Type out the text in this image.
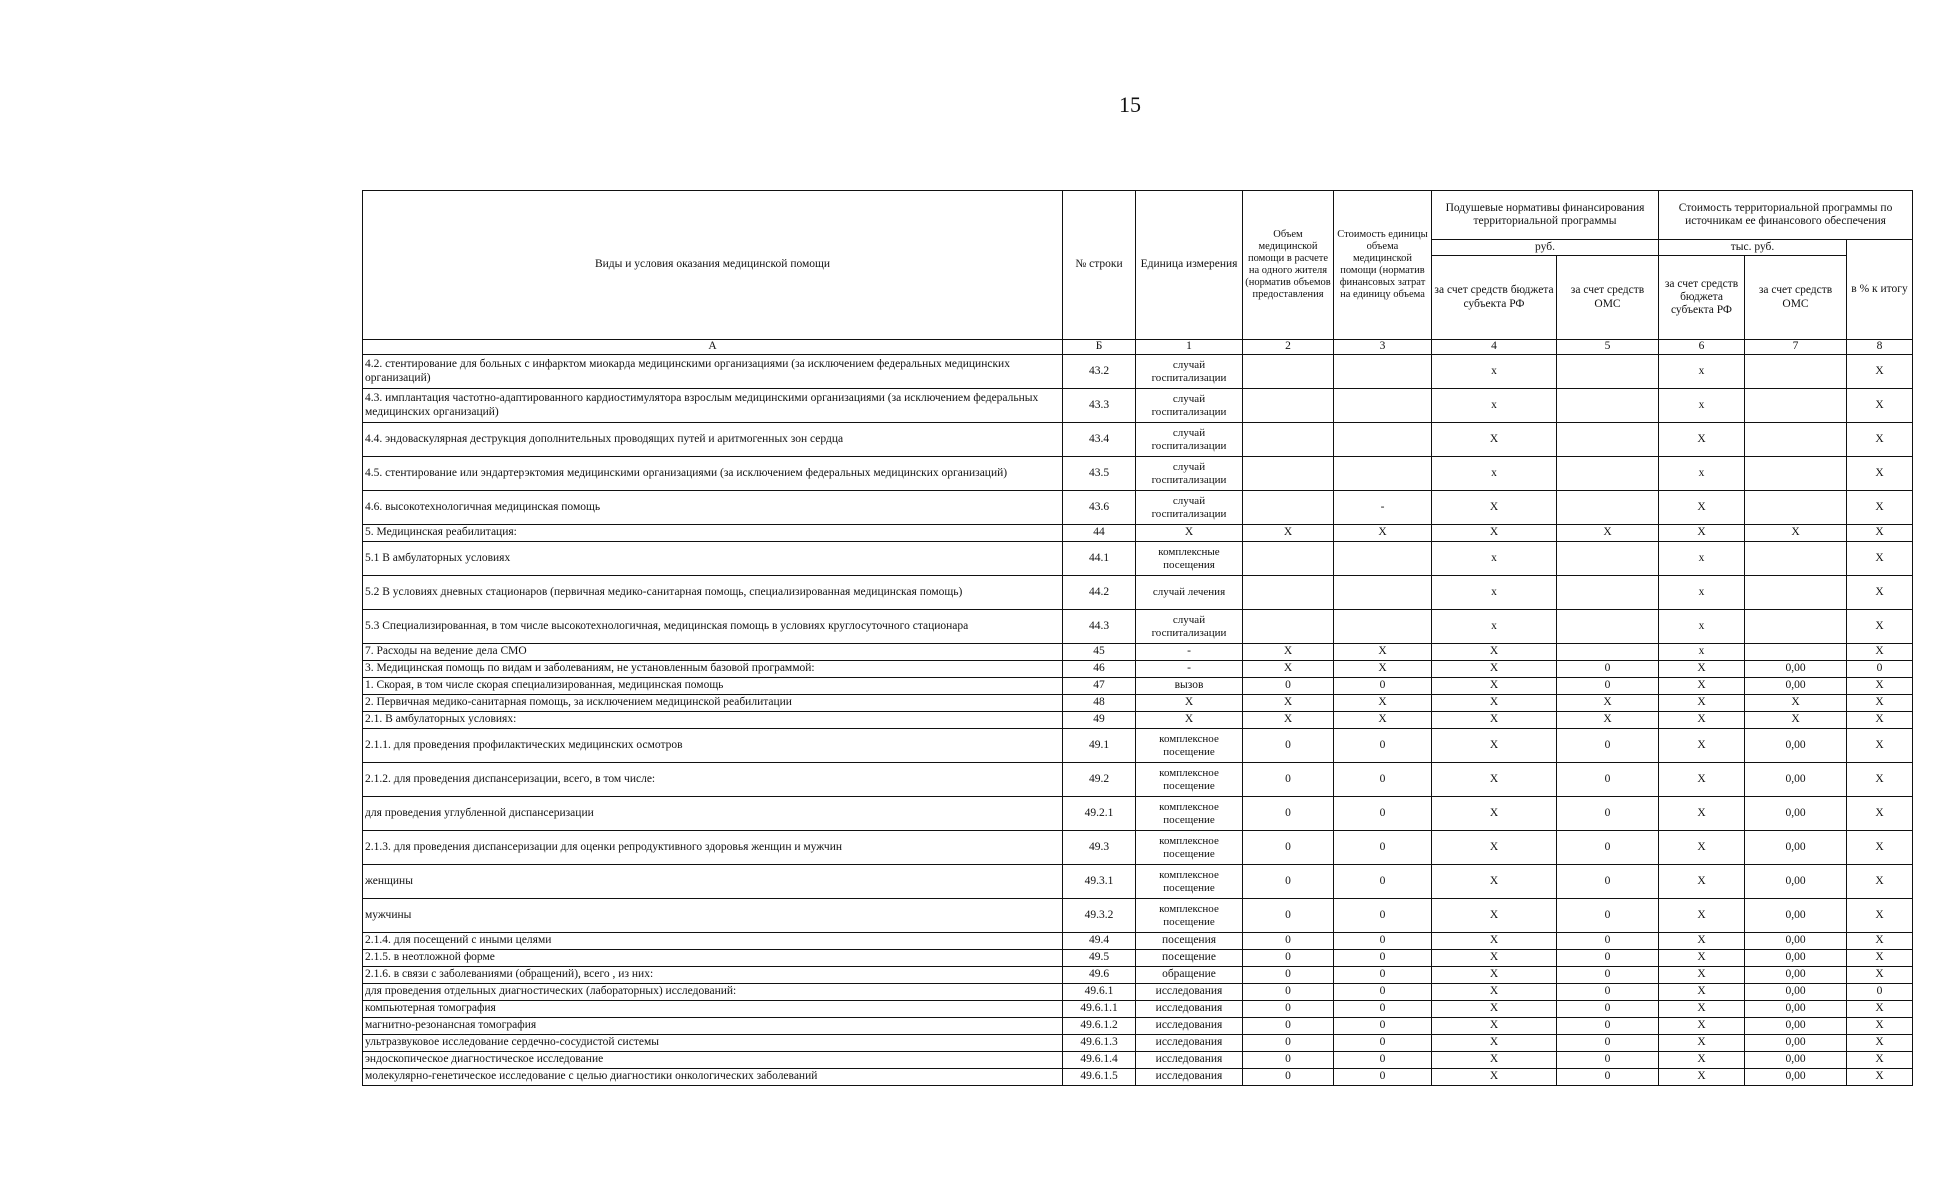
15
Виды и условия оказания медицинской помощи	№ строки	Единица измерения	Объем медицинской помощи в расчете на одного жителя (норматив объемов предоставления	Стоимость единицы объема медицинской помощи (норматив финансовых затрат на единицу объема	Подушевые нормативы финансирования территориальной программы		Стоимость территориальной программы по источникам ее финансового обеспечения		
					руб.		тыс. руб.		в % к итогу
					за счет средств бюджета субъекта РФ	за счет средств ОМС	за счет средств бюджета субъекта РФ	за счет средств ОМС	
А	Б	1	2	3	4	5	6	7	8
4.2. стентирование для больных с инфарктом миокарда медицинскими организациями (за исключением федеральных медицинских организаций)	43.2	случай госпитализации			x		x		X
4.3. имплантация частотно-адаптированного кардиостимулятора взрослым медицинскими организациями (за исключением федеральных медицинских организаций)	43.3	случай госпитализации			x		x		X
4.4. эндоваскулярная деструкция дополнительных проводящих путей и аритмогенных зон сердца	43.4	случай госпитализации			X		X		X
4.5. стентирование или эндартерэктомия медицинскими организациями (за исключением федеральных медицинских организаций)	43.5	случай госпитализации			x		x		X
4.6. высокотехнологичная медицинская помощь	43.6	случай госпитализации		-	X		X		X
5. Медицинская реабилитация:	44	X	X	X	X	X	X	X	X
5.1 В амбулаторных условиях	44.1	комплексные посещения			x		x		X
5.2 В условиях дневных стационаров (первичная медико-санитарная помощь, специализированная медицинская помощь)	44.2	случай лечения			x		x		X
5.3 Специализированная, в том числе высокотехнологичная, медицинская помощь в условиях круглосуточного стационара	44.3	случай госпитализации			x		x		X
7. Расходы на ведение дела СМО	45	-	X	X	X		x		X
3. Медицинская помощь по видам и заболеваниям, не установленным базовой программой:	46	-	X	X	X	0	X	0,00	0
1. Скорая, в том числе скорая специализированная, медицинская помощь	47	вызов	0	0	X	0	X	0,00	X
2. Первичная медико-санитарная помощь, за исключением медицинской реабилитации	48	X	X	X	X	X	X	X	X
2.1. В амбулаторных условиях:	49	X	X	X	X	X	X	X	X
2.1.1. для проведения профилактических медицинских осмотров	49.1	комплексное посещение	0	0	X	0	X	0,00	X
2.1.2. для проведения диспансеризации, всего, в том числе:	49.2	комплексное посещение	0	0	X	0	X	0,00	X
для проведения углубленной диспансеризации	49.2.1	комплексное посещение	0	0	X	0	X	0,00	X
2.1.3. для проведения диспансеризации для оценки репродуктивного здоровья женщин и мужчин	49.3	комплексное посещение	0	0	X	0	X	0,00	X
женщины	49.3.1	комплексное посещение	0	0	X	0	X	0,00	X
мужчины	49.3.2	комплексное посещение	0	0	X	0	X	0,00	X
2.1.4. для посещений с иными целями	49.4	посещения	0	0	X	0	X	0,00	X
2.1.5. в неотложной форме	49.5	посещение	0	0	X	0	X	0,00	X
2.1.6. в связи с заболеваниями (обращений), всего , из них:	49.6	обращение	0	0	X	0	X	0,00	X
для проведения отдельных диагностических (лабораторных) исследований:	49.6.1	исследования	0	0	X	0	X	0,00	0
компьютерная томография	49.6.1.1	исследования	0	0	X	0	X	0,00	X
магнитно-резонансная томография	49.6.1.2	исследования	0	0	X	0	X	0,00	X
ультразвуковое исследование сердечно-сосудистой системы	49.6.1.3	исследования	0	0	X	0	X	0,00	X
эндоскопическое диагностическое исследование	49.6.1.4	исследования	0	0	X	0	X	0,00	X
молекулярно-генетическое исследование с целью диагностики онкологических заболеваний	49.6.1.5	исследования	0	0	X	0	X	0,00	X
